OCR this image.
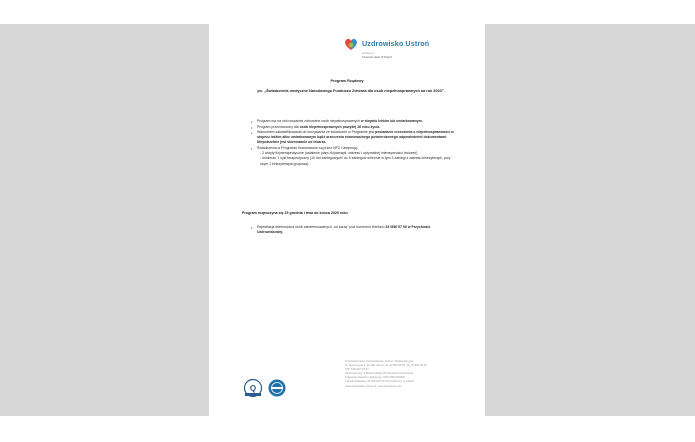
Uzdrowisko Ustroń
member of
American Heart of Poland
Program Rządowy
pn. „Świadczenia medyczne Narodowego Funduszu Zdrowia dla osób niepełnosprawnych na rok 2020”.
• Program ma na celu wsparcie zdrowotne osób niepełnosprawnych w stopniu lekkim lub umiarkowanym.
• Program przeznaczony dla osób niepełnosprawnych powyżej 16 roku życia.
• Warunkiem zakwalifikowania do korzystania ze świadczeń w Programie jest posiadanie orzeczenia o niepełnosprawności w stopniu lekkim albo umiarkowanym bądź orzeczenia równoważnego potwierdzonego odpowiednimi dokumentami. Niepotrzebne jest skierowanie od lekarza.
• Świadczenia w Programie finansowane są przez NFZ i obejmują:
- 2 wizyty fizjoterapeutyczne (ustalenie planu fizjoterapii, zakresu i optymalnej intensywności ćwiczeń)
- minimum 1 cykl terapeutyczny (10 dni zabiegowych/ do 5 zabiegów dziennie w tym 3 zabiegi z zakresu kinezyterapii, przy czym 1 kinezyterapia grupowa).
Program rozpoczyna się 15 grudnia i trwa do końca 2020 roku
• Rejestracja telefoniczna osób zainteresowanych „od zaraz” pod numerem telefonu 33 /856 57 90 w Przychodni Uzdrowiskowej.
Q
Przedsiębiorstwo Uzdrowiskowe „Ustroń” Spółka Akcyjna
ul. Sanatoryjna 1, 43-450 Ustroń, tel. 33 856 56 50, fax 33 854 38 25
NIP: 548-007-70-72
Sąd Rejonowy w Bielsku-Białej VIII Wydział Gospodarczy
Krajowego Rejestru Sądowego, KRS 0000152599
Kapitał zakładowy 30 300 000,00 PLN wpłacony w całości
www.uzdrowisko-ustron.pl, www.ahpustron.com
